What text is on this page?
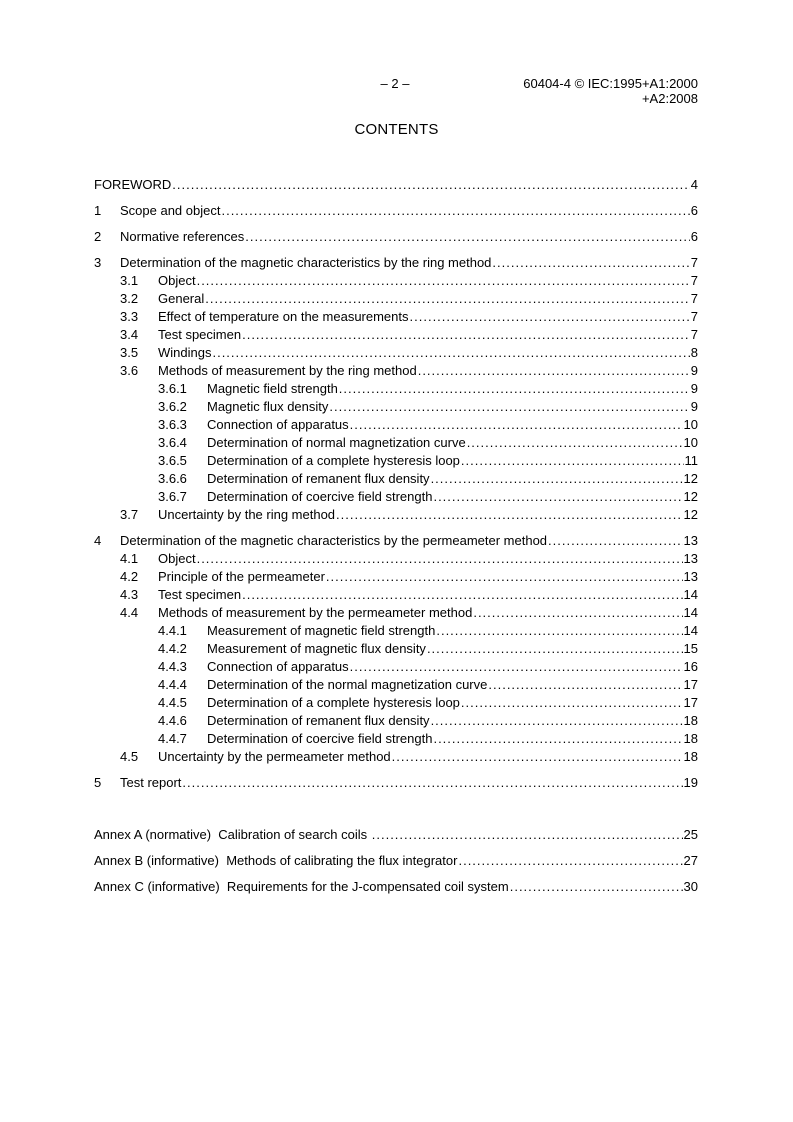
– 2 –	60404-4 © IEC:1995+A1:2000
+A2:2008
CONTENTS
FOREWORD .....	4
1	Scope and object .....	6
2	Normative references .....	6
3	Determination of the magnetic characteristics by the ring method .....	7
3.1	Object .....	7
3.2	General .....	7
3.3	Effect of temperature on the measurements .....	7
3.4	Test specimen .....	7
3.5	Windings .....	8
3.6	Methods of measurement by the ring method .....	9
3.6.1	Magnetic field strength .....	9
3.6.2	Magnetic flux density .....	9
3.6.3	Connection of apparatus .....	10
3.6.4	Determination of normal magnetization curve .....	10
3.6.5	Determination of a complete hysteresis loop .....	11
3.6.6	Determination of remanent flux density .....	12
3.6.7	Determination of coercive field strength .....	12
3.7	Uncertainty by the ring method .....	12
4	Determination of the magnetic characteristics by the permeameter method .....	13
4.1	Object .....	13
4.2	Principle of the permeameter .....	13
4.3	Test specimen .....	14
4.4	Methods of measurement by the permeameter method .....	14
4.4.1	Measurement of magnetic field strength .....	14
4.4.2	Measurement of magnetic flux density .....	15
4.4.3	Connection of apparatus .....	16
4.4.4	Determination of the normal magnetization curve .....	17
4.4.5	Determination of a complete hysteresis loop .....	17
4.4.6	Determination of remanent flux density .....	18
4.4.7	Determination of coercive field strength .....	18
4.5	Uncertainty by the permeameter method .....	18
5	Test report .....	19
Annex A (normative)  Calibration of search coils .....	25
Annex B (informative)  Methods of calibrating the flux integrator .....	27
Annex C (informative)  Requirements for the J-compensated coil system .....	30
